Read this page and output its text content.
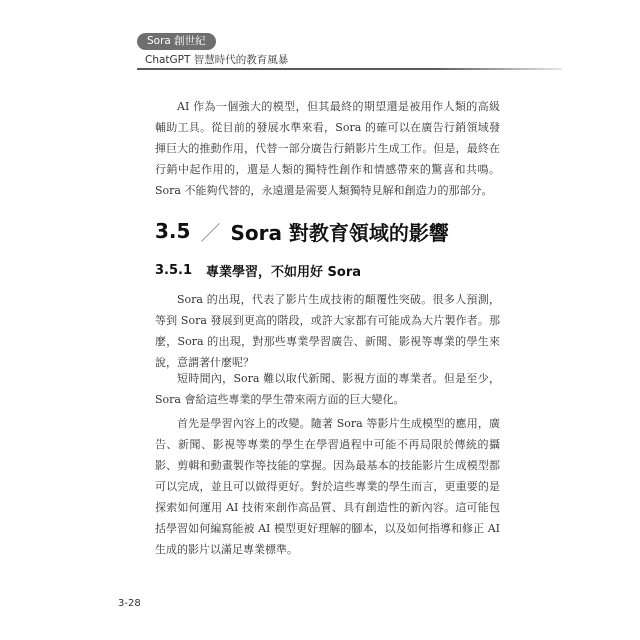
Sora 創世紀
ChatGPT 智慧時代的教育風暴

AI 作為一個強大的模型，但其最終的期望還是被用作人類的高級輔助工具。從目前的發展水準來看，Sora 的確可以在廣告行銷領域發揮巨大的推動作用，代替一部分廣告行銷影片生成工作。但是，最終在行銷中起作用的，還是人類的獨特性創作和情感帶來的驚喜和共鳴。Sora 不能夠代替的，永遠還是需要人類獨特見解和創造力的那部分。

3.5 ／ Sora 對教育領域的影響
3.5.1 專業學習，不如用好 Sora

Sora 的出現，代表了影片生成技術的顛覆性突破。很多人預測，等到 Sora 發展到更高的階段，或許大家都有可能成為大片製作者。那麼，Sora 的出現，對那些專業學習廣告、新聞、影視等專業的學生來說，意謂著什麼呢？

短時間內，Sora 難以取代新聞、影視方面的專業者。但是至少，Sora 會給這些專業的學生帶來兩方面的巨大變化。

首先是學習內容上的改變。隨著 Sora 等影片生成模型的應用，廣告、新聞、影視等專業的學生在學習過程中可能不再局限於傳統的攝影、剪輯和動畫製作等技能的掌握。因為最基本的技能影片生成模型都可以完成，並且可以做得更好。對於這些專業的學生而言，更重要的是探索如何運用 AI 技術來創作高品質、具有創造性的新內容。這可能包括學習如何編寫能被 AI 模型更好理解的腳本，以及如何指導和修正 AI 生成的影片以滿足專業標準。

3-28
